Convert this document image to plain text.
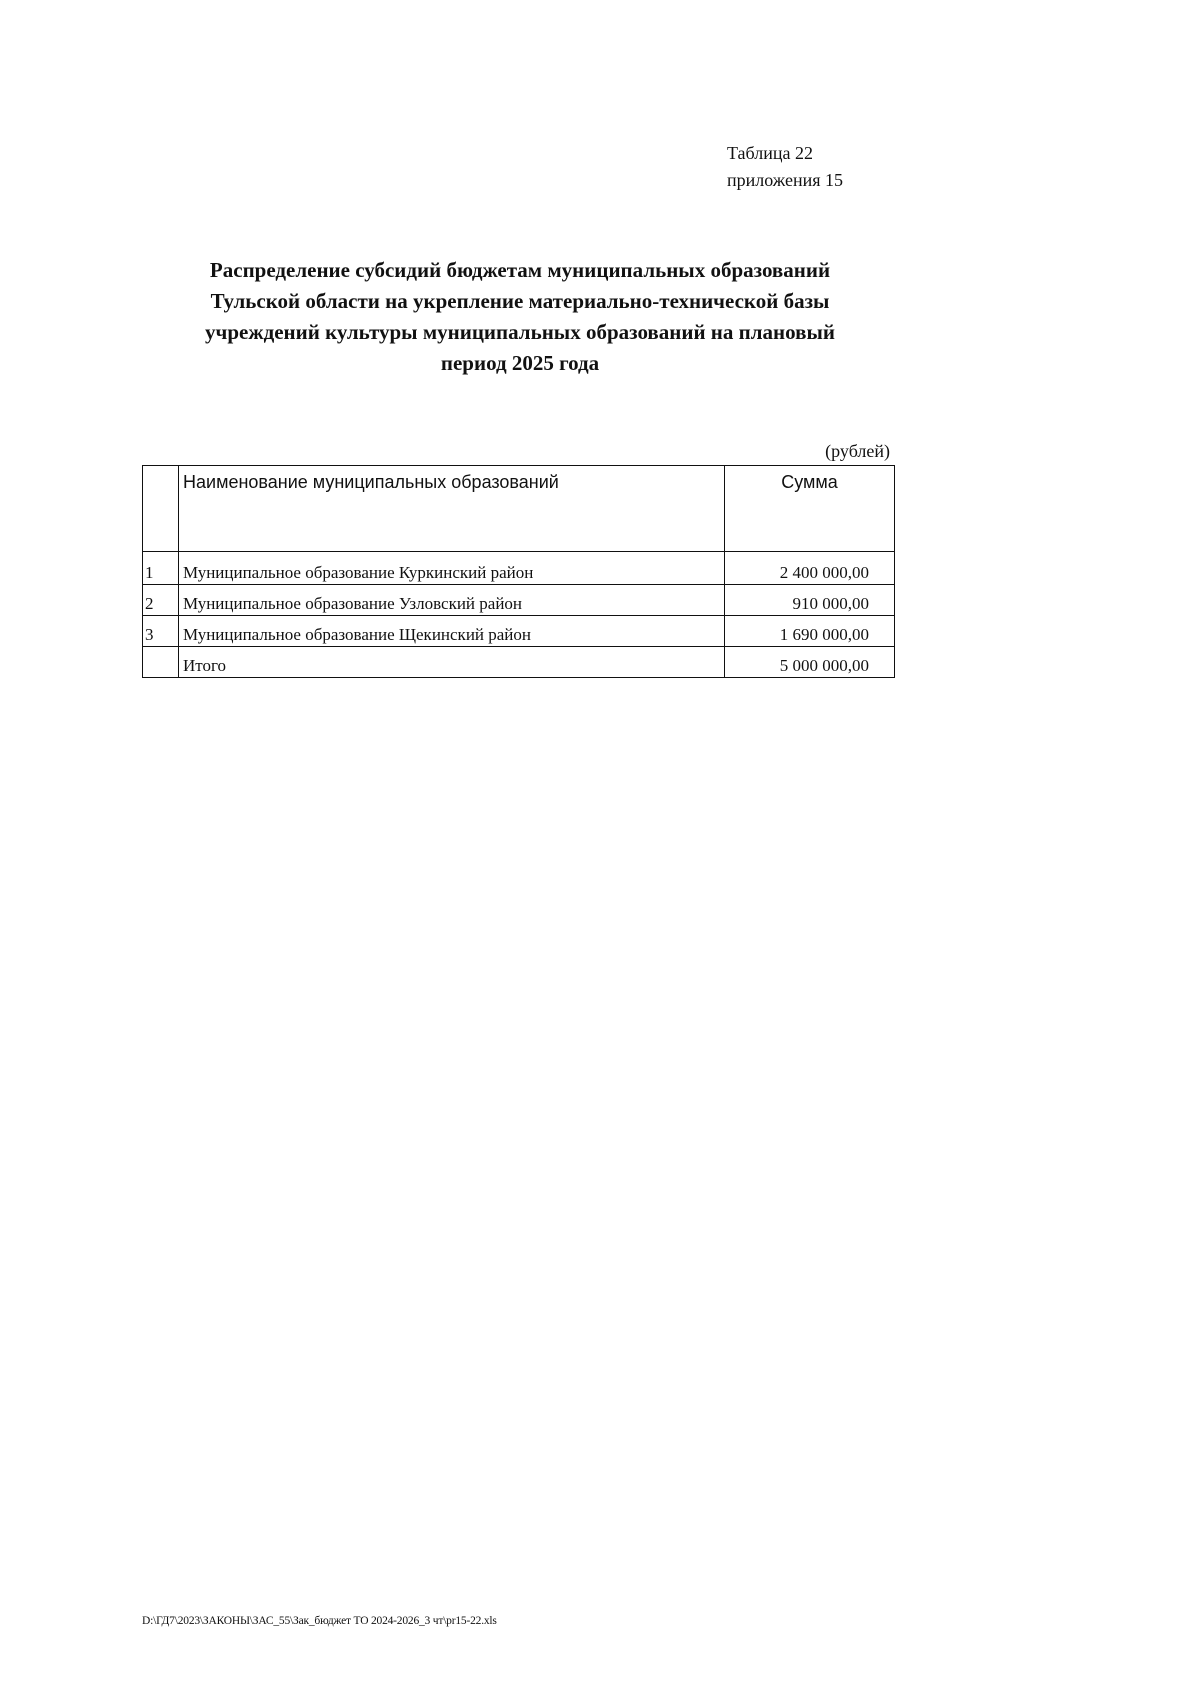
Таблица 22
приложения 15
Распределение субсидий бюджетам муниципальных образований
Тульской области на укрепление материально-технической базы
учреждений культуры муниципальных образований на плановый
период 2025 года
(рублей)
	Наименование муниципальных образований	Сумма
1	Муниципальное образование Куркинский район	2 400 000,00
2	Муниципальное образование Узловский район	910 000,00
3	Муниципальное образование Щекинский район	1 690 000,00
	Итого	5 000 000,00
D:\ГД7\2023\ЗАКОНЫ\ЗАС_55\Зак_бюджет ТО 2024-2026_3 чт\pr15-22.xls
